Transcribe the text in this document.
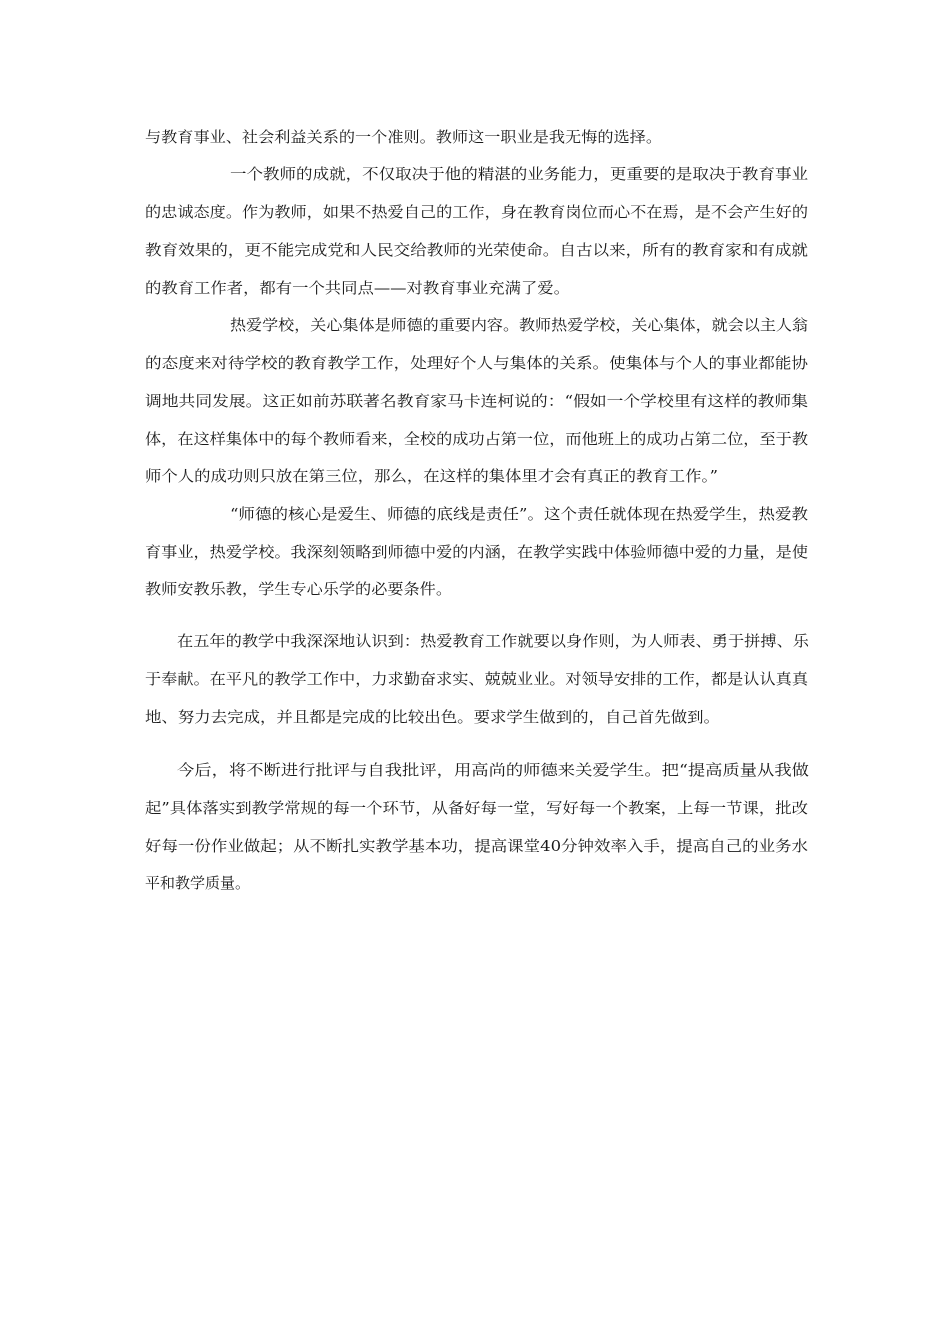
与教育事业、社会利益关系的一个准则。教师这一职业是我无悔的选择。
一个教师的成就，不仅取决于他的精湛的业务能力，更重要的是取决于教育事业
的忠诚态度。作为教师，如果不热爱自己的工作，身在教育岗位而心不在焉，是不会产生好的
教育效果的，更不能完成党和人民交给教师的光荣使命。自古以来，所有的教育家和有成就
的教育工作者，都有一个共同点——对教育事业充满了爱。
热爱学校，关心集体是师德的重要内容。教师热爱学校，关心集体，就会以主人翁
的态度来对待学校的教育教学工作，处理好个人与集体的关系。使集体与个人的事业都能协
调地共同发展。这正如前苏联著名教育家马卡连柯说的：“假如一个学校里有这样的教师集
体，在这样集体中的每个教师看来，全校的成功占第一位，而他班上的成功占第二位，至于教
师个人的成功则只放在第三位，那么，在这样的集体里才会有真正的教育工作。”
“师德的核心是爱生、师德的底线是责任”。这个责任就体现在热爱学生，热爱教
育事业，热爱学校。我深刻领略到师德中爱的内涵，在教学实践中体验师德中爱的力量，是使
教师安教乐教，学生专心乐学的必要条件。
在五年的教学中我深深地认识到：热爱教育工作就要以身作则，为人师表、勇于拼搏、乐
于奉献。在平凡的教学工作中，力求勤奋求实、兢兢业业。对领导安排的工作，都是认认真真
地、努力去完成，并且都是完成的比较出色。要求学生做到的，自己首先做到。
今后，将不断进行批评与自我批评，用高尚的师德来关爱学生。把“提高质量从我做
起”具体落实到教学常规的每一个环节，从备好每一堂，写好每一个教案，上每一节课，批改
好每一份作业做起；从不断扎实教学基本功，提高课堂40分钟效率入手，提高自己的业务水
平和教学质量。
